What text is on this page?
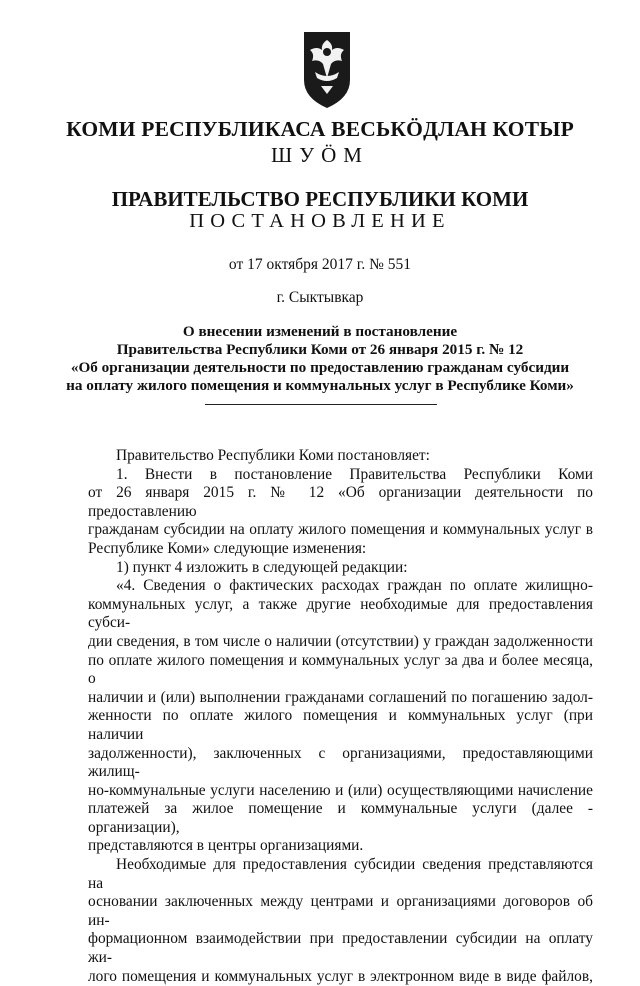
КОМИ РЕСПУБЛИКАСА ВЕСЬКӦДЛАН КОТЫР
ШУӦМ
ПРАВИТЕЛЬСТВО РЕСПУБЛИКИ КОМИ
ПОСТАНОВЛЕНИЕ
от 17 октября 2017 г. № 551
г. Сыктывкар
О внесении изменений в постановление
Правительства Республики Коми от 26 января 2015 г. № 12
«Об организации деятельности по предоставлению гражданам субсидии
на оплату жилого помещения и коммунальных услуг в Республике Коми»

Правительство Республики Коми постановляет:

1. Внести в постановление Правительства Республики Коми

от 26 января 2015 г. № 12 «Об организации деятельности по предоставлению

гражданам субсидии на оплату жилого помещения и коммунальных услуг в

Республике Коми» следующие изменения:

1) пункт 4 изложить в следующей редакции:

«4. Сведения о фактических расходах граждан по оплате жилищно-

коммунальных услуг, а также другие необходимые для предоставления субси-

дии сведения, в том числе о наличии (отсутствии) у граждан задолженности

по оплате жилого помещения и коммунальных услуг за два и более месяца, о

наличии и (или) выполнении гражданами соглашений по погашению задол-

женности по оплате жилого помещения и коммунальных услуг (при наличии

задолженности), заключенных с организациями, предоставляющими жилищ-

но-коммунальные услуги населению и (или) осуществляющими начисление

платежей за жилое помещение и коммунальные услуги (далее - организации),

представляются в центры организациями.

Необходимые для предоставления субсидии сведения представляются на

основании заключенных между центрами и организациями договоров об ин-

формационном взаимодействии при предоставлении субсидии на оплату жи-

лого помещения и коммунальных услуг в электронном виде в виде файлов,
